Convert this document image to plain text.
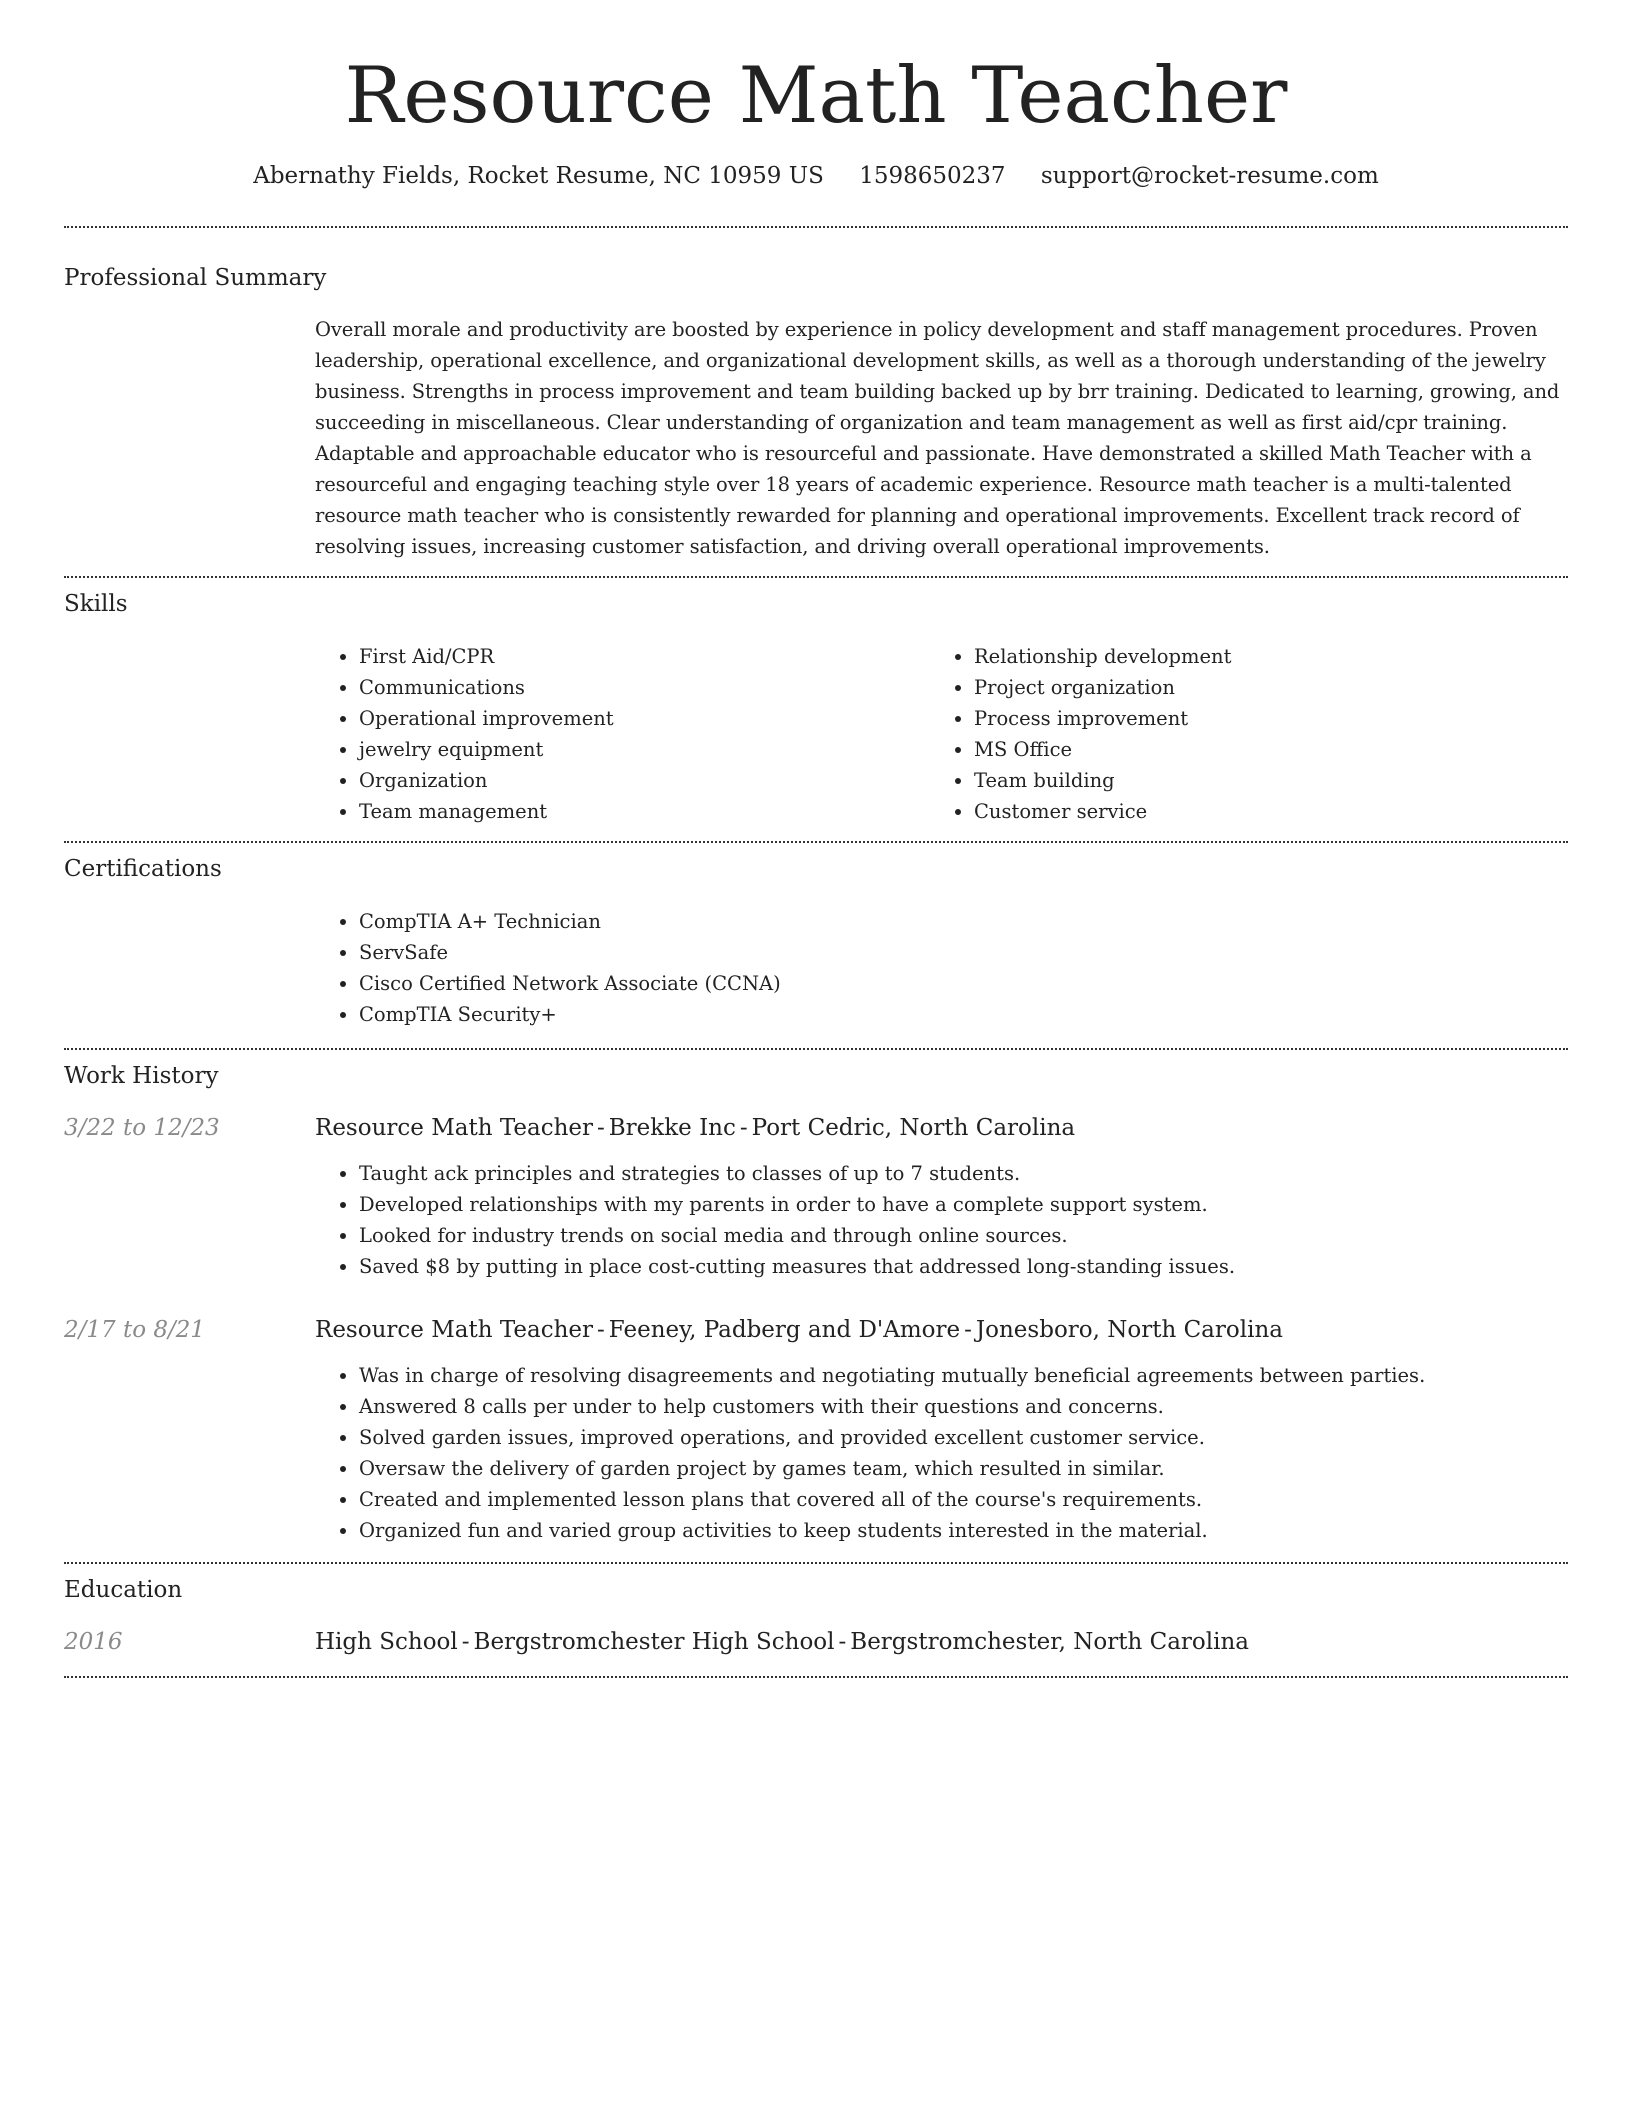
Resource Math Teacher
Abernathy Fields, Rocket Resume, NC 10959 US 1598650237 support@rocket-resume.com
Professional Summary

Overall morale and productivity are boosted by experience in policy development and staff management procedures. Proven leadership, operational excellence, and organizational development skills, as well as a thorough understanding of the jewelry business. Strengths in process improvement and team building backed up by brr training. Dedicated to learning, growing, and succeeding in miscellaneous. Clear understanding of organization and team management as well as first aid/cpr training. Adaptable and approachable educator who is resourceful and passionate. Have demonstrated a skilled Math Teacher with a resourceful and engaging teaching style over 18 years of academic experience. Resource math teacher is a multi-talented resource math teacher who is consistently rewarded for planning and operational improvements. Excellent track record of resolving issues, increasing customer satisfaction, and driving overall operational improvements.

Skills
• First Aid/CPR
• Communications
• Operational improvement
• jewelry equipment
• Organization
• Team management
• Relationship development
• Project organization
• Process improvement
• MS Office
• Team building
• Customer service
Certifications
• CompTIA A+ Technician
• ServSafe
• Cisco Certified Network Associate (CCNA)
• CompTIA Security+
Work History
3/22 to 12/23	Resource Math Teacher - Brekke Inc - Port Cedric, North Carolina
• Taught ack principles and strategies to classes of up to 7 students.
• Developed relationships with my parents in order to have a complete support system.
• Looked for industry trends on social media and through online sources.
• Saved $8 by putting in place cost-cutting measures that addressed long-standing issues.
2/17 to 8/21	Resource Math Teacher - Feeney, Padberg and D'Amore - Jonesboro, North Carolina
• Was in charge of resolving disagreements and negotiating mutually beneficial agreements between parties.
• Answered 8 calls per under to help customers with their questions and concerns.
• Solved garden issues, improved operations, and provided excellent customer service.
• Oversaw the delivery of garden project by games team, which resulted in similar.
• Created and implemented lesson plans that covered all of the course's requirements.
• Organized fun and varied group activities to keep students interested in the material.
Education
2016	High School - Bergstromchester High School - Bergstromchester, North Carolina
